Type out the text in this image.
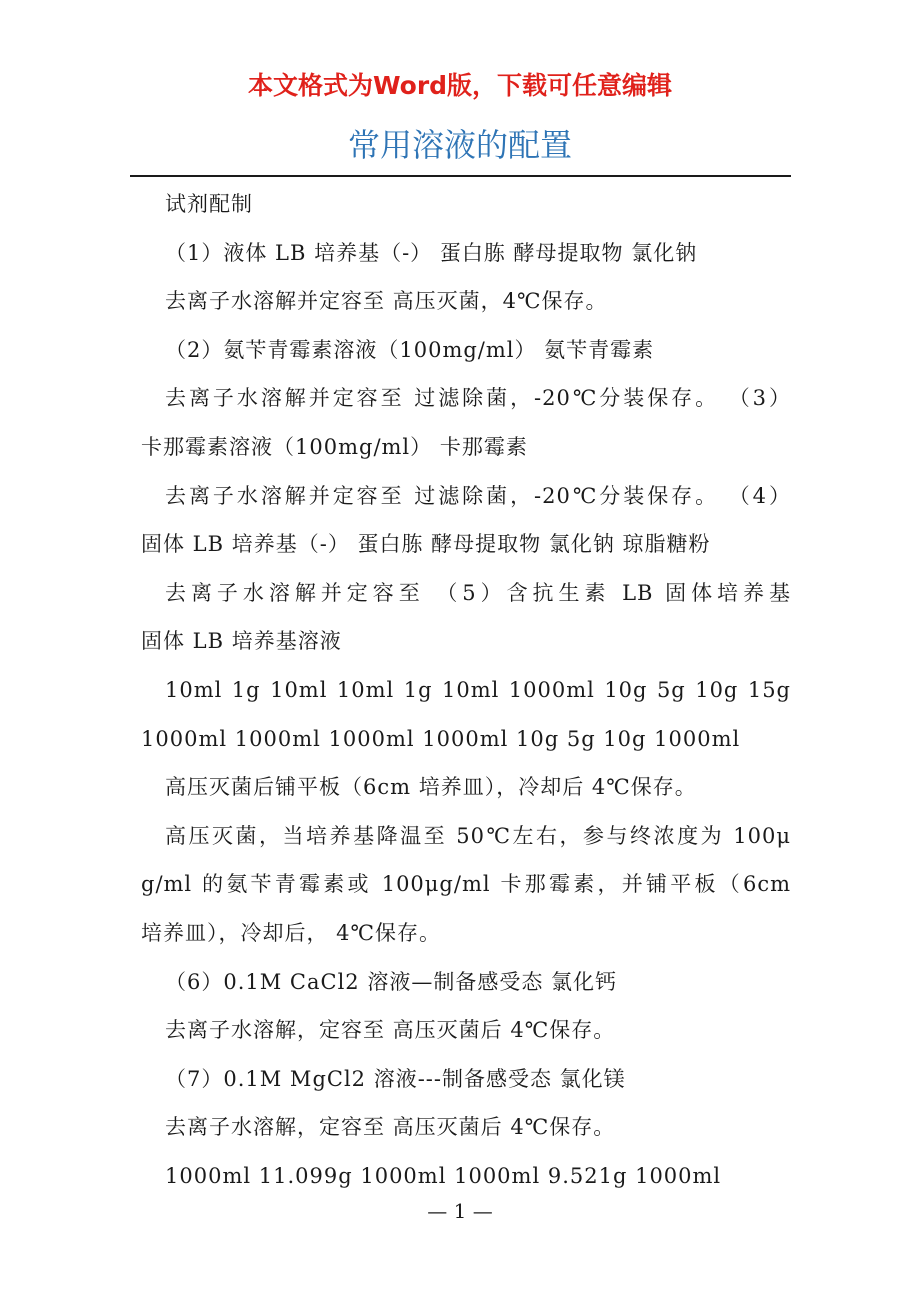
本文格式为Word版，下载可任意编辑
常用溶液的配置
试剂配制
（1）液体 LB 培养基（-） 蛋白胨 酵母提取物 氯化钠
去离子水溶解并定容至 高压灭菌，4℃保存。
（2）氨苄青霉素溶液（100mg/ml） 氨苄青霉素
去离子水溶解并定容至 过滤除菌，-20℃分装保存。 （3）
卡那霉素溶液（100mg/ml） 卡那霉素
去离子水溶解并定容至 过滤除菌，-20℃分装保存。 （4）
固体 LB 培养基（-） 蛋白胨 酵母提取物 氯化钠 琼脂糖粉
去离子水溶解并定容至 （5）含抗生素 LB 固体培养基
固体 LB 培养基溶液
10ml 1g 10ml 10ml 1g 10ml 1000ml 10g 5g 10g 15g
1000ml 1000ml 1000ml 1000ml 10g 5g 10g 1000ml
高压灭菌后铺平板（6cm 培养皿），冷却后 4℃保存。
高压灭菌，当培养基降温至 50℃左右，参与终浓度为 100μ
g/ml 的氨苄青霉素或 100μg/ml 卡那霉素，并铺平板（6cm
培养皿），冷却后， 4℃保存。
（6）0.1M CaCl2 溶液—制备感受态 氯化钙
去离子水溶解，定容至 高压灭菌后 4℃保存。
（7）0.1M MgCl2 溶液---制备感受态 氯化镁
去离子水溶解，定容至 高压灭菌后 4℃保存。
1000ml 11.099g 1000ml 1000ml 9.521g 1000ml
— 1 —
